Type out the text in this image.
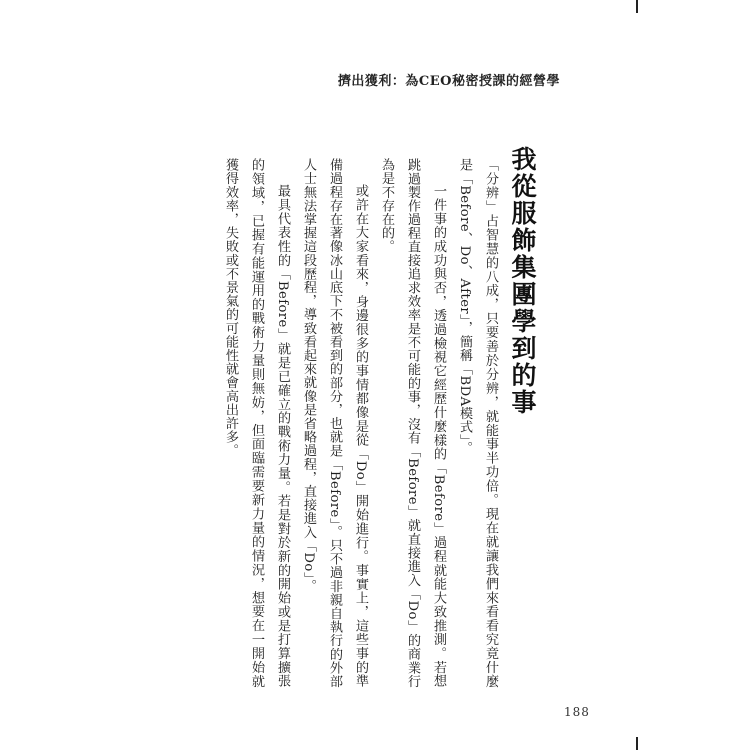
擠出獲利：為CEO秘密授課的經營學
我從服飾集團學到的事

「分辨」占智慧的八成，只要善於分辨，就能事半功倍。現在就讓我們來看看究竟什麼是「Before、Do、After」，簡稱「BDA模式」。

一件事的成功與否，透過檢視它經歷什麼樣的「Before」過程就能大致推測。若想跳過製作過程直接追求效率是不可能的事，沒有「Before」就直接進入「Do」的商業行為是不存在的。

或許在大家看來，身邊很多的事情都像是從「Do」開始進行。事實上，這些事的準備過程存在著像冰山底下不被看到的部分，也就是「Before」。只不過非親自執行的外部人士無法掌握這段歷程，導致看起來就像是省略過程，直接進入「Do」。

最具代表性的「Before」就是已確立的戰術力量。若是對於新的開始或是打算擴張的領域，已握有能運用的戰術力量則無妨，但面臨需要新力量的情況，想要在一開始就獲得效率，失敗或不景氣的可能性就會高出許多。

188
